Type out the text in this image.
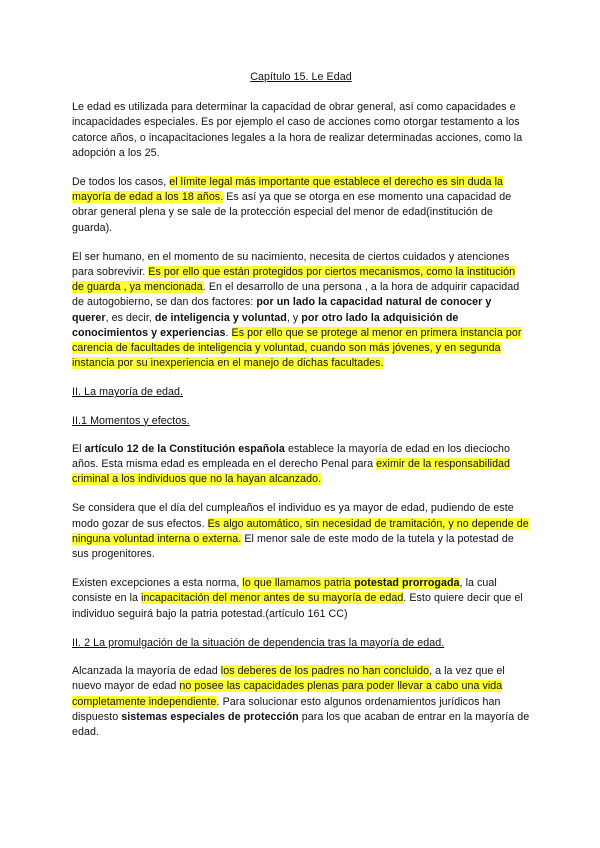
Capítulo 15. Le Edad

Le edad es utilizada para determinar la capacidad de obrar general, así como capacidades e incapacidades especiales. Es por ejemplo el caso de acciones como otorgar testamento a los catorce años, o incapacitaciones legales a la hora de realizar determinadas acciones, como la adopción a los 25.

De todos los casos, el límite legal más importante que establece el derecho es sin duda la mayoría de edad a los 18 años. Es así ya que se otorga en ese momento una capacidad de obrar general plena y se sale de la protección especial del menor de edad(institución de guarda).

El ser humano, en el momento de su nacimiento, necesita de ciertos cuidados y atenciones para sobrevivir. Es por ello que están protegidos por ciertos mecanismos, como la institución de guarda , ya mencionada. En el desarrollo de una persona , a la hora de adquirir capacidad de autogobierno, se dan dos factores: por un lado la capacidad natural de conocer y querer, es decir, de inteligencia y voluntad, y por otro lado la adquisición de conocimientos y experiencias. Es por ello que se protege al menor en primera instancia por carencia de facultades de inteligencia y voluntad, cuando son más jóvenes, y en segunda instancia por su inexperiencia en el manejo de dichas facultades.

II. La mayoría de edad.
II.1 Momentos y efectos.

El artículo 12 de la Constitución española establece la mayoría de edad en los dieciocho años. Esta misma edad es empleada en el derecho Penal para eximir de la responsabilidad criminal a los individuos que no la hayan alcanzado.

Se considera que el día del cumpleaños el individuo es ya mayor de edad, pudiendo de este modo gozar de sus efectos. Es algo automático, sin necesidad de tramitación, y no depende de ninguna voluntad interna o externa. El menor sale de este modo de la tutela y la potestad de sus progenitores.

Existen excepciones a esta norma, lo que llamamos patria potestad prorrogada, la cual consiste en la incapacitación del menor antes de su mayoría de edad. Esto quiere decir que el individuo seguirá bajo la patria potestad.(artículo 161 CC)

II. 2 La promulgación de la situación de dependencia tras la mayoría de edad.

Alcanzada la mayoría de edad los deberes de los padres no han concluido, a la vez que el nuevo mayor de edad no posee las capacidades plenas para poder llevar a cabo una vida completamente independiente. Para solucionar esto algunos ordenamientos jurídicos han dispuesto sistemas especiales de protección para los que acaban de entrar en la mayoría de edad.
